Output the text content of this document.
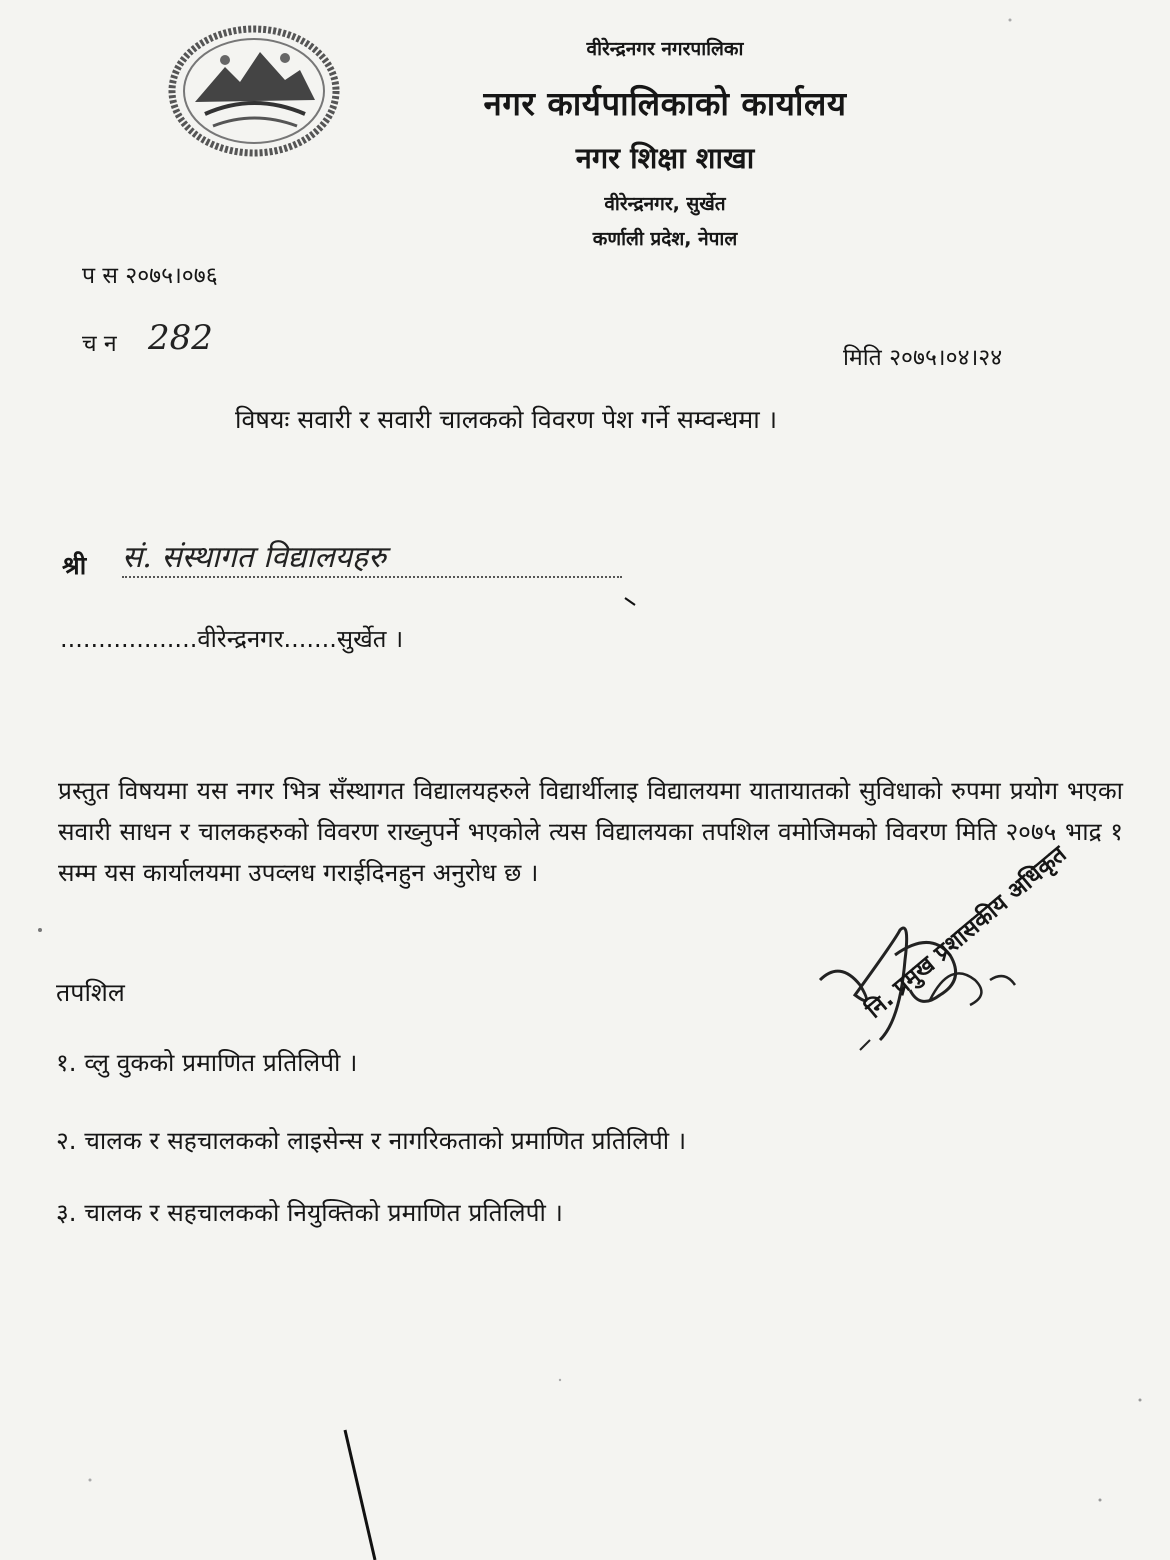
वीरेन्द्रनगर नगरपालिका
नगर कार्यपालिकाको कार्यालय
नगर शिक्षा शाखा
वीरेन्द्रनगर, सुर्खेत
कर्णाली प्रदेश, नेपाल
प स २०७५।०७६
च न 282	मिति २०७५।०४।२४
विषयः सवारी र सवारी चालकको विवरण पेश गर्ने सम्वन्धमा ।
श्री सं. संस्थागत विद्यालयहरु
..................वीरेन्द्रनगर.......सुर्खेत ।
प्रस्तुत विषयमा यस नगर भित्र सँस्थागत विद्यालयहरुले विद्यार्थीलाइ विद्यालयमा यातायातको सुविधाको रुपमा प्रयोग भएका सवारी साधन र चालकहरुको विवरण राख्नुपर्ने भएकोले त्यस विद्यालयका तपशिल वमोजिमको विवरण मिति २०७५ भाद्र १ सम्म यस कार्यालयमा उपव्लध गराईदिनहुन अनुरोध छ ।
तपशिल
१. व्लु वुकको प्रमाणित प्रतिलिपी ।
२. चालक र सहचालकको लाइसेन्स र नागरिकताको प्रमाणित प्रतिलिपी ।
३. चालक र सहचालकको नियुक्तिको प्रमाणित प्रतिलिपी ।
नि. प्रमुख प्रशासकीय अधिकृत
